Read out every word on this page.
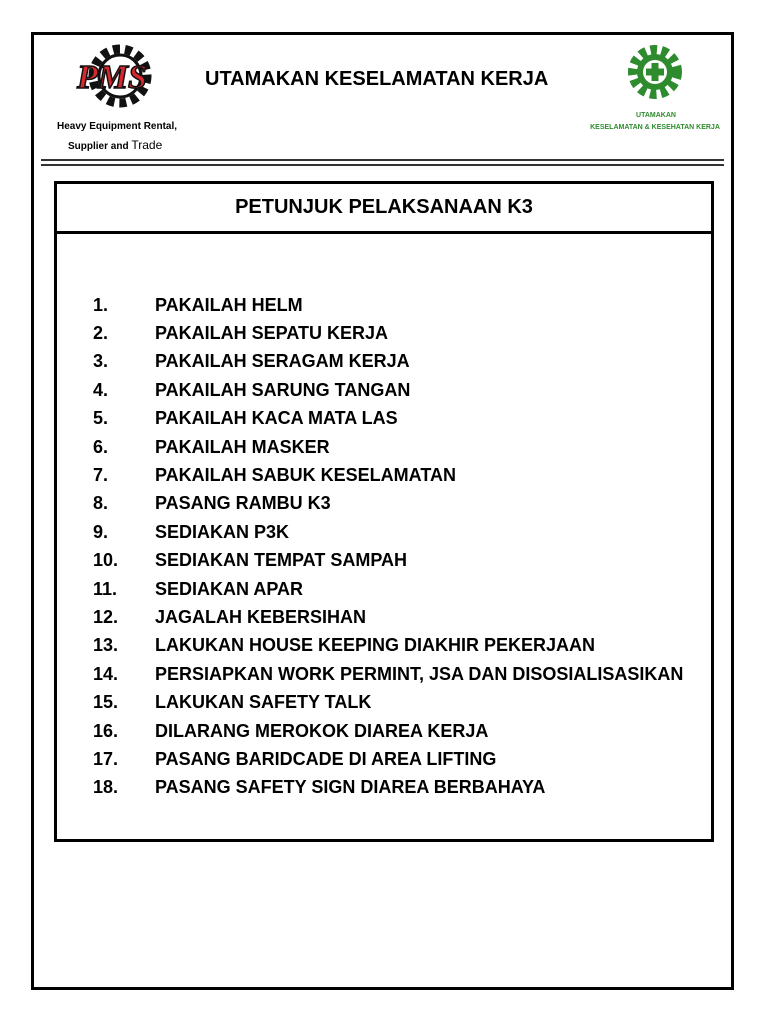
PMS
Heavy Equipment Rental,
Supplier and Trade
UTAMAKAN KESELAMATAN KERJA
UTAMAKAN
KESELAMATAN & KESEHATAN KERJA
PETUNJUK PELAKSANAAN K3
1.	PAKAILAH HELM
2.	PAKAILAH SEPATU KERJA
3.	PAKAILAH SERAGAM KERJA
4.	PAKAILAH SARUNG TANGAN
5.	PAKAILAH KACA MATA LAS
6.	PAKAILAH MASKER
7.	PAKAILAH SABUK KESELAMATAN
8.	PASANG RAMBU K3
9.	SEDIAKAN P3K
10.	SEDIAKAN TEMPAT SAMPAH
11.	SEDIAKAN APAR
12.	JAGALAH KEBERSIHAN
13.	LAKUKAN HOUSE KEEPING DIAKHIR PEKERJAAN
14.	PERSIAPKAN WORK PERMINT, JSA DAN DISOSIALISASIKAN
15.	LAKUKAN SAFETY TALK
16.	DILARANG MEROKOK DIAREA KERJA
17.	PASANG BARIDCADE DI AREA LIFTING
18.	PASANG SAFETY SIGN DIAREA BERBAHAYA
